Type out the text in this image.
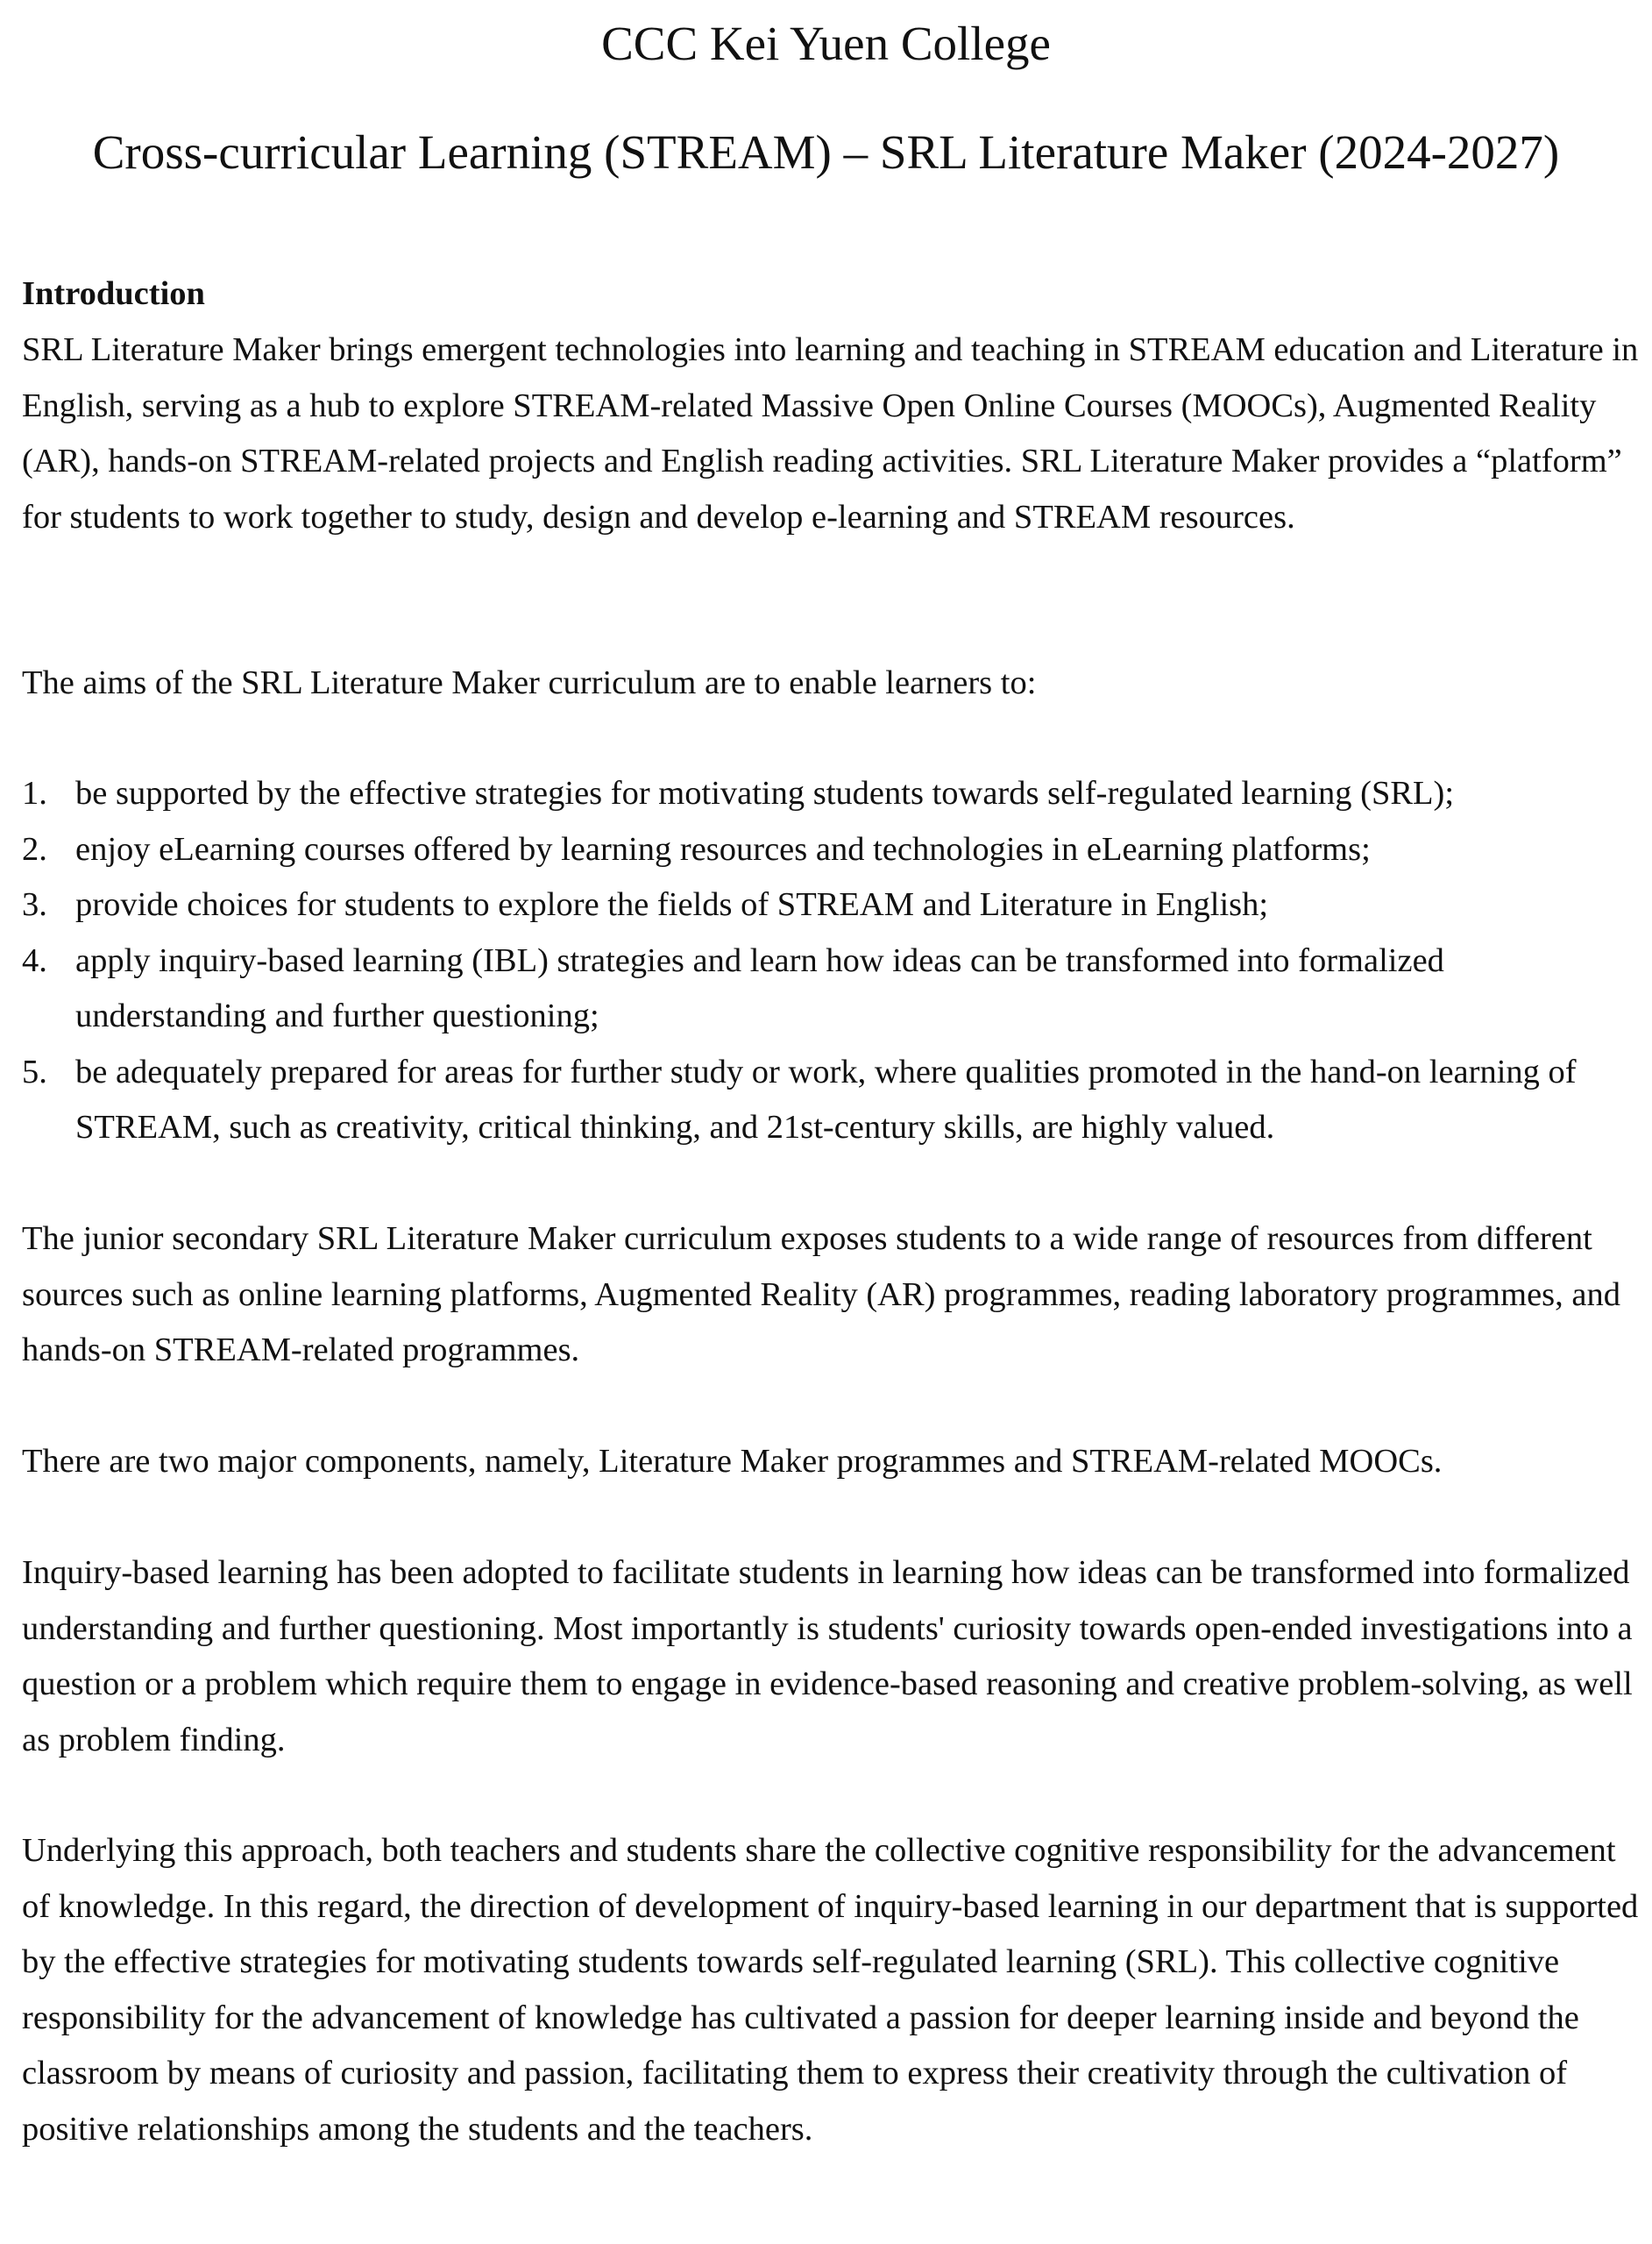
CCC Kei Yuen College
Cross-curricular Learning (STREAM) – SRL Literature Maker (2024-2027)
Introduction

SRL Literature Maker brings emergent technologies into learning and teaching in STREAM education and Literature in English, serving as a hub to explore STREAM-related Massive Open Online Courses (MOOCs), Augmented Reality (AR), hands-on STREAM-related projects and English reading activities. SRL Literature Maker provides a “platform” for students to work together to study, design and develop e-learning and STREAM resources.

The aims of the SRL Literature Maker curriculum are to enable learners to:

1. be supported by the effective strategies for motivating students towards self-regulated learning (SRL);
2. enjoy eLearning courses offered by learning resources and technologies in eLearning platforms;
3. provide choices for students to explore the fields of STREAM and Literature in English;
4. apply inquiry-based learning (IBL) strategies and learn how ideas can be transformed into formalized understanding and further questioning;
5. be adequately prepared for areas for further study or work, where qualities promoted in the hand-on learning of STREAM, such as creativity, critical thinking, and 21st-century skills, are highly valued.

The junior secondary SRL Literature Maker curriculum exposes students to a wide range of resources from different sources such as online learning platforms, Augmented Reality (AR) programmes, reading laboratory programmes, and hands-on STREAM-related programmes.

There are two major components, namely, Literature Maker programmes and STREAM-related MOOCs.

Inquiry-based learning has been adopted to facilitate students in learning how ideas can be transformed into formalized understanding and further questioning. Most importantly is students' curiosity towards open-ended investigations into a question or a problem which require them to engage in evidence-based reasoning and creative problem-solving, as well as problem finding.

Underlying this approach, both teachers and students share the collective cognitive responsibility for the advancement of knowledge. In this regard, the direction of development of inquiry-based learning in our department that is supported by the effective strategies for motivating students towards self-regulated learning (SRL). This collective cognitive responsibility for the advancement of knowledge has cultivated a passion for deeper learning inside and beyond the classroom by means of curiosity and passion, facilitating them to express their creativity through the cultivation of positive relationships among the students and the teachers.
